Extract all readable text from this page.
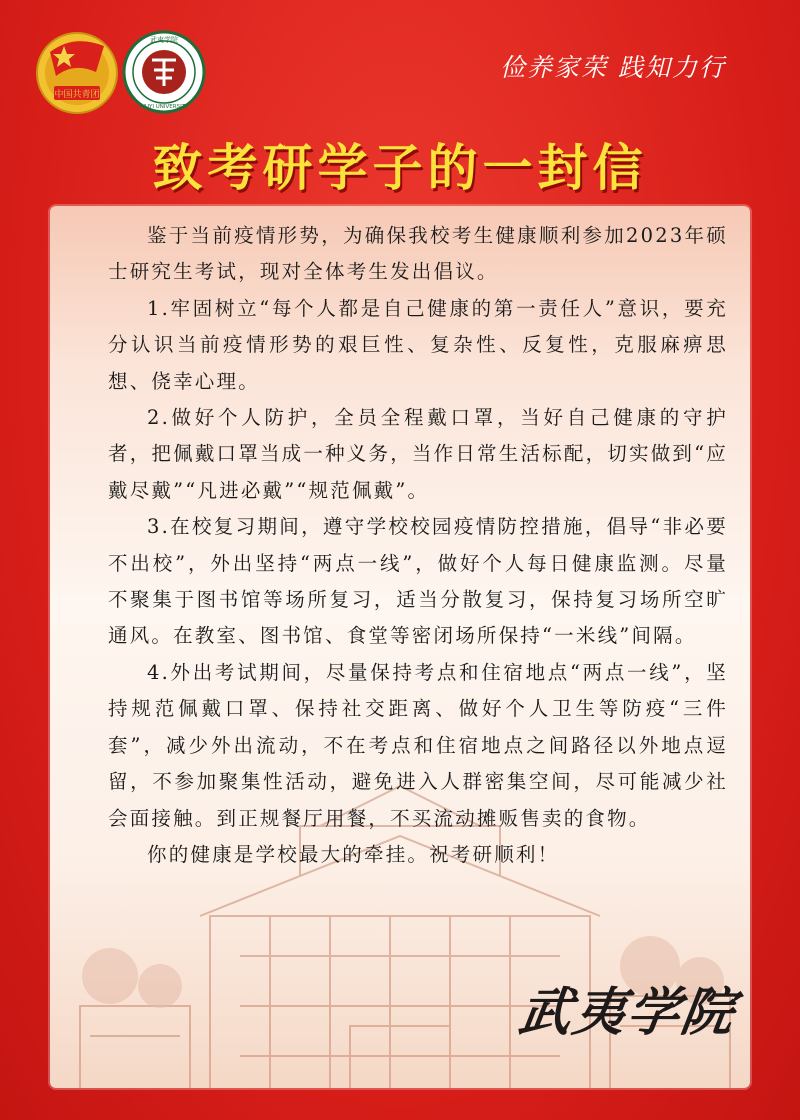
中国共青团
武夷学院
WUYI UNIVERSITY
俭养家荣 践知力行
致考研学子的一封信

鉴于当前疫情形势，为确保我校考生健康顺利参加2023年硕士研究生考试，现对全体考生发出倡议。

1.牢固树立“每个人都是自己健康的第一责任人”意识，要充分认识当前疫情形势的艰巨性、复杂性、反复性，克服麻痹思想、侥幸心理。

2.做好个人防护，全员全程戴口罩，当好自己健康的守护者，把佩戴口罩当成一种义务，当作日常生活标配，切实做到“应戴尽戴”“凡进必戴”“规范佩戴”。

3.在校复习期间，遵守学校校园疫情防控措施，倡导“非必要不出校”，外出坚持“两点一线”，做好个人每日健康监测。尽量不聚集于图书馆等场所复习，适当分散复习，保持复习场所空旷通风。在教室、图书馆、食堂等密闭场所保持“一米线”间隔。

4.外出考试期间，尽量保持考点和住宿地点“两点一线”，坚持规范佩戴口罩、保持社交距离、做好个人卫生等防疫“三件套”，减少外出流动，不在考点和住宿地点之间路径以外地点逗留，不参加聚集性活动，避免进入人群密集空间，尽可能减少社会面接触。到正规餐厅用餐，不买流动摊贩售卖的食物。

你的健康是学校最大的牵挂。祝考研顺利！

武夷学院
